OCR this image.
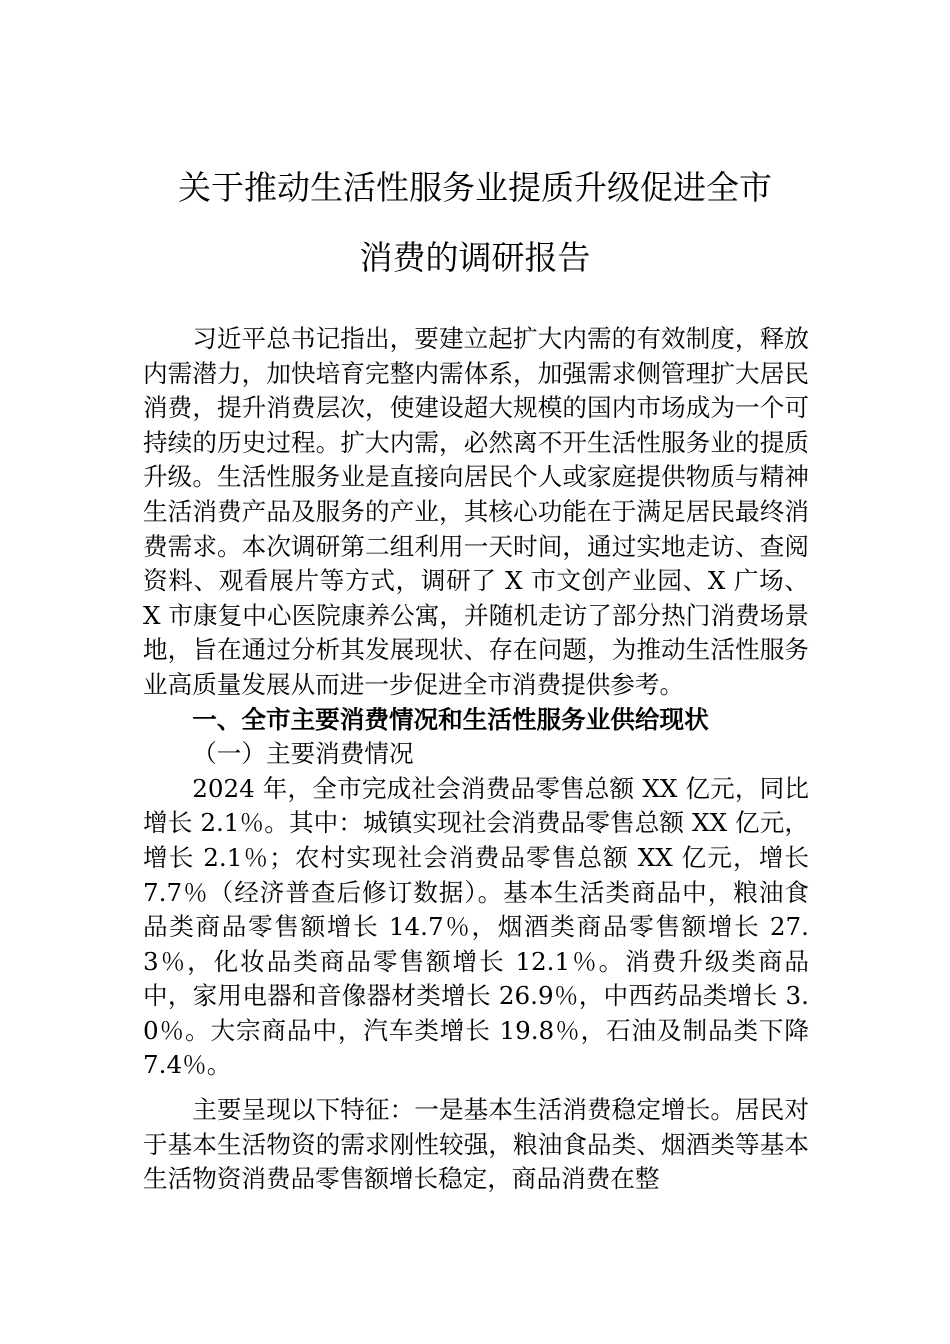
关于推动生活性服务业提质升级促进全市
消费的调研报告

习近平总书记指出，要建立起扩大内需的有效制度，释放内需潜力，加快培育完整内需体系，加强需求侧管理扩大居民消费，提升消费层次，使建设超大规模的国内市场成为一个可持续的历史过程。扩大内需，必然离不开生活性服务业的提质升级。生活性服务业是直接向居民个人或家庭提供物质与精神生活消费产品及服务的产业，其核心功能在于满足居民最终消费需求。本次调研第二组利用一天时间，通过实地走访、查阅资料、观看展片等方式，调研了 X 市文创产业园、X 广场、X 市康复中心医院康养公寓，并随机走访了部分热门消费场景地，旨在通过分析其发展现状、存在问题，为推动生活性服务业高质量发展从而进一步促进全市消费提供参考。

一、全市主要消费情况和生活性服务业供给现状

（一）主要消费情况

2024 年，全市完成社会消费品零售总额 XX 亿元，同比增长 2.1％。其中：城镇实现社会消费品零售总额 XX 亿元，增长 2.1％；农村实现社会消费品零售总额 XX 亿元，增长 7.7％（经济普查后修订数据）。基本生活类商品中，粮油食品类商品零售额增长 14.7％，烟酒类商品零售额增长 27.3％，化妆品类商品零售额增长 12.1％。消费升级类商品中，家用电器和音像器材类增长 26.9％，中西药品类增长 3.0％。大宗商品中，汽车类增长 19.8％，石油及制品类下降 7.4％。

主要呈现以下特征：一是基本生活消费稳定增长。居民对于基本生活物资的需求刚性较强，粮油食品类、烟酒类等基本生活物资消费品零售额增长稳定，商品消费在整
